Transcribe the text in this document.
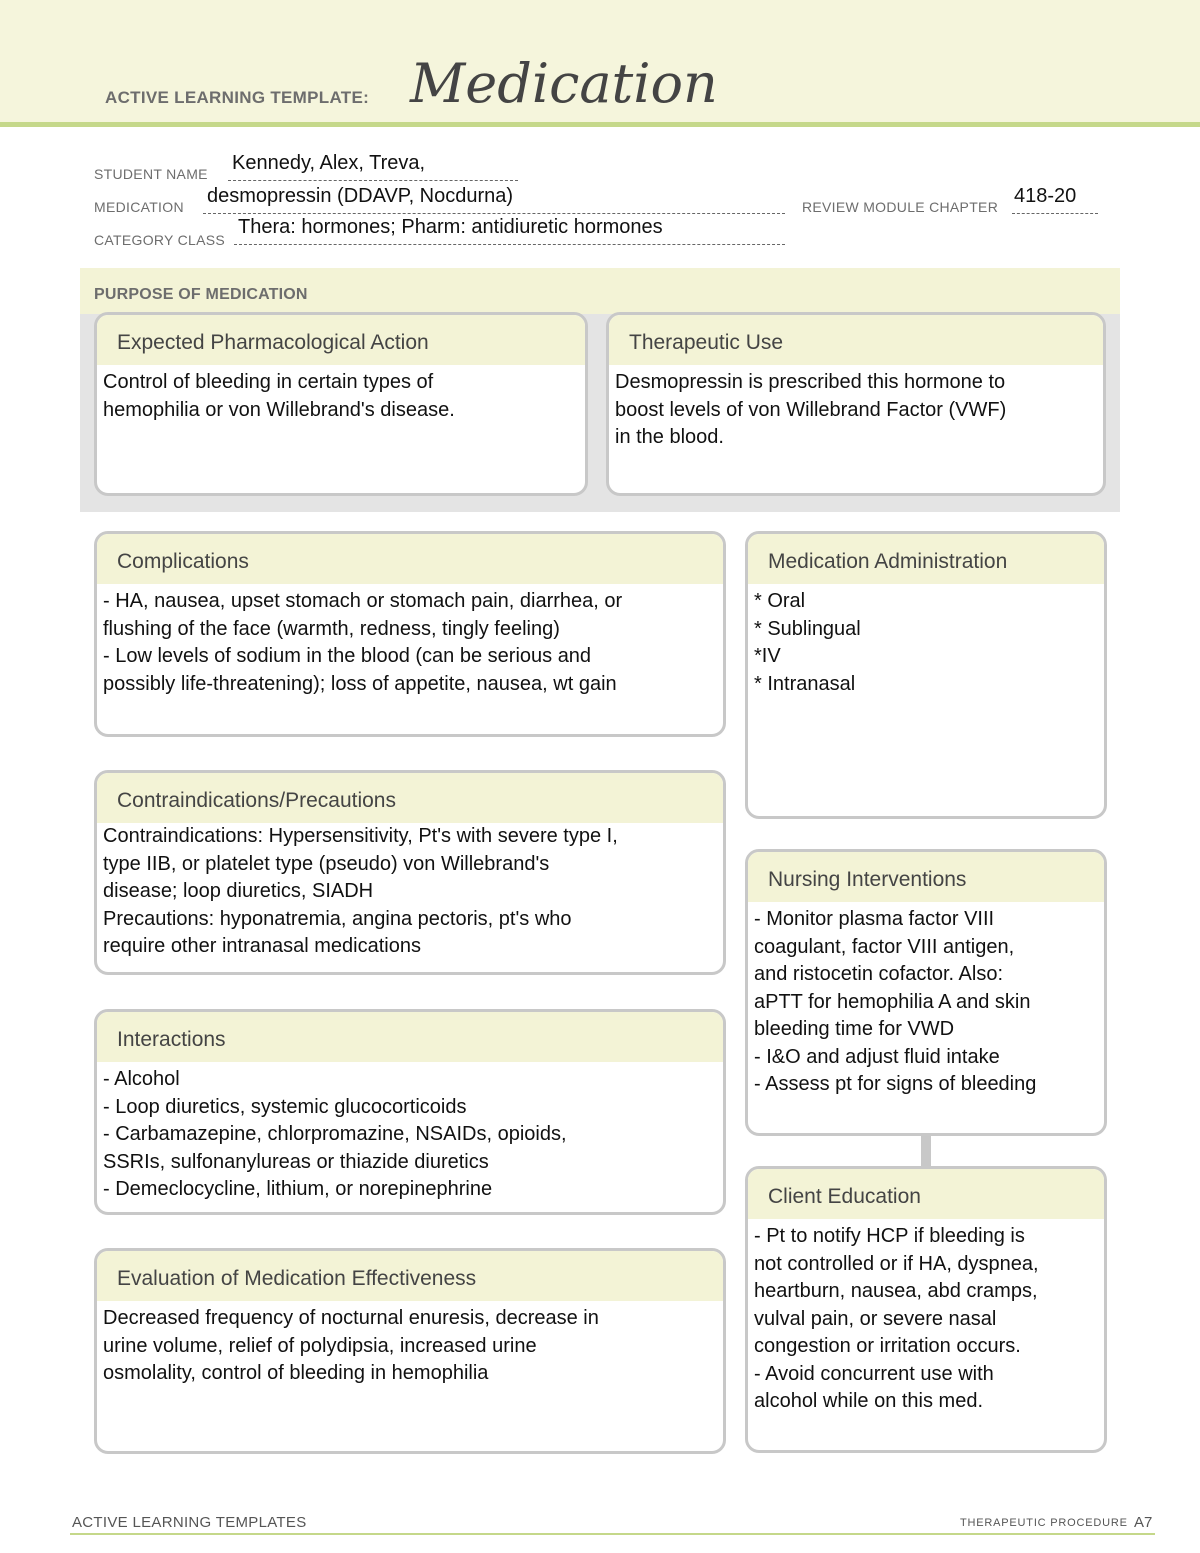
ACTIVE LEARNING TEMPLATE: Medication
STUDENT NAME Kennedy, Alex, Treva,
MEDICATION desmopressin (DDAVP, Nocdurna)	REVIEW MODULE CHAPTER 418-20
CATEGORY CLASS
Thera: hormones; Pharm: antidiuretic hormones
PURPOSE OF MEDICATION
Expected Pharmacological Action
Control of bleeding in certain types of
hemophilia or von Willebrand's disease.
Therapeutic Use
Desmopressin is prescribed this hormone to
boost levels of von Willebrand Factor (VWF)
in the blood.
Complications
- HA, nausea, upset stomach or stomach pain, diarrhea, or
flushing of the face (warmth, redness, tingly feeling)
- Low levels of sodium in the blood (can be serious and
possibly life-threatening); loss of appetite, nausea, wt gain
Medication Administration
* Oral
* Sublingual
*IV
* Intranasal
Contraindications/Precautions
Contraindications: Hypersensitivity, Pt's with severe type I,
type IIB, or platelet type (pseudo) von Willebrand's
disease; loop diuretics, SIADH
Precautions: hyponatremia, angina pectoris, pt's who
require other intranasal medications
Nursing Interventions
- Monitor plasma factor VIII
coagulant, factor VIII antigen,
and ristocetin cofactor. Also:
aPTT for hemophilia A and skin
bleeding time for VWD
- I&O and adjust fluid intake
- Assess pt for signs of bleeding
Interactions
- Alcohol
- Loop diuretics, systemic glucocorticoids
- Carbamazepine, chlorpromazine, NSAIDs, opioids,
SSRIs, sulfonanylureas or thiazide diuretics
- Demeclocycline, lithium, or norepinephrine	Client Education
- Pt to notify HCP if bleeding is
not controlled or if HA, dyspnea,
heartburn, nausea, abd cramps,
vulval pain, or severe nasal
congestion or irritation occurs.
- Avoid concurrent use with
alcohol while on this med.
Evaluation of Medication Effectiveness
Decreased frequency of nocturnal enuresis, decrease in
urine volume, relief of polydipsia, increased urine
osmolality, control of bleeding in hemophilia
ACTIVE LEARNING TEMPLATES	THERAPEUTIC PROCEDURE A7
